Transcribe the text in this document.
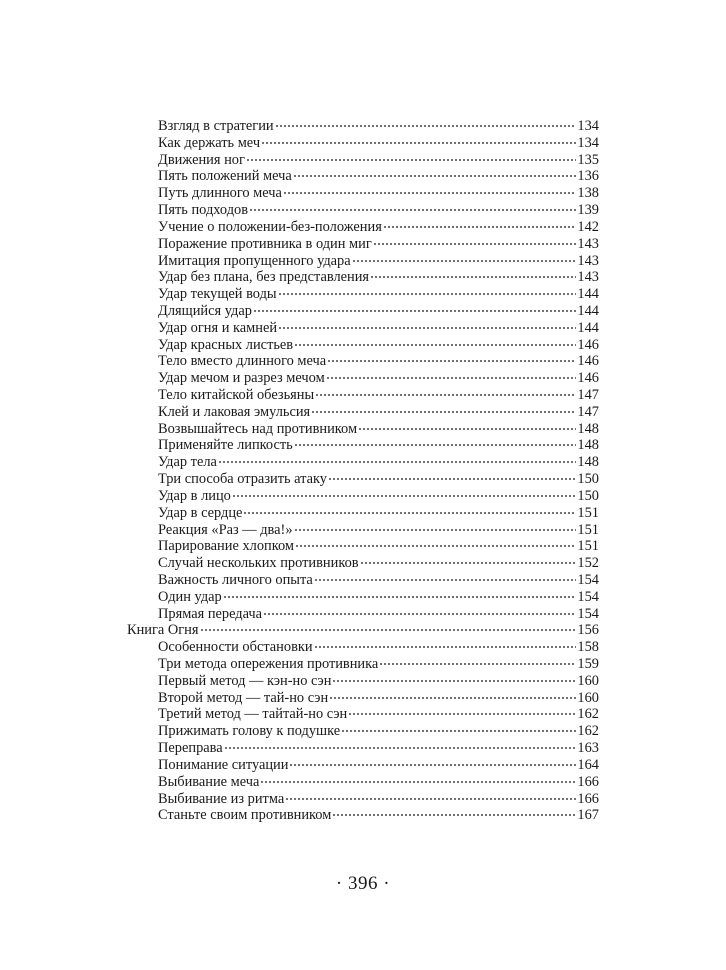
Взгляд в стратегии	134
Как держать меч	134
Движения ног	135
Пять положений меча	136
Путь длинного меча	138
Пять подходов	139
Учение о положении-без-положения	142
Поражение противника в один миг	143
Имитация пропущенного удара	143
Удар без плана, без представления	143
Удар текущей воды	144
Длящийся удар	144
Удар огня и камней	144
Удар красных листьев	146
Тело вместо длинного меча	146
Удар мечом и разрез мечом	146
Тело китайской обезьяны	147
Клей и лаковая эмульсия	147
Возвышайтесь над противником	148
Применяйте липкость	148
Удар тела	148
Три способа отразить атаку	150
Удар в лицо	150
Удар в сердце	151
Реакция «Раз — два!»	151
Парирование хлопком	151
Случай нескольких противников	152
Важность личного опыта	154
Один удар	154
Прямая передача	154
Книга Огня	156
Особенности обстановки	158
Три метода опережения противника	159
Первый метод — кэн-но сэн	160
Второй метод — тай-но сэн	160
Третий метод — тайтай-но сэн	162
Прижимать голову к подушке	162
Переправа	163
Понимание ситуации	164
Выбивание меча	166
Выбивание из ритма	166
Станьте своим противником	167
· 396 ·
